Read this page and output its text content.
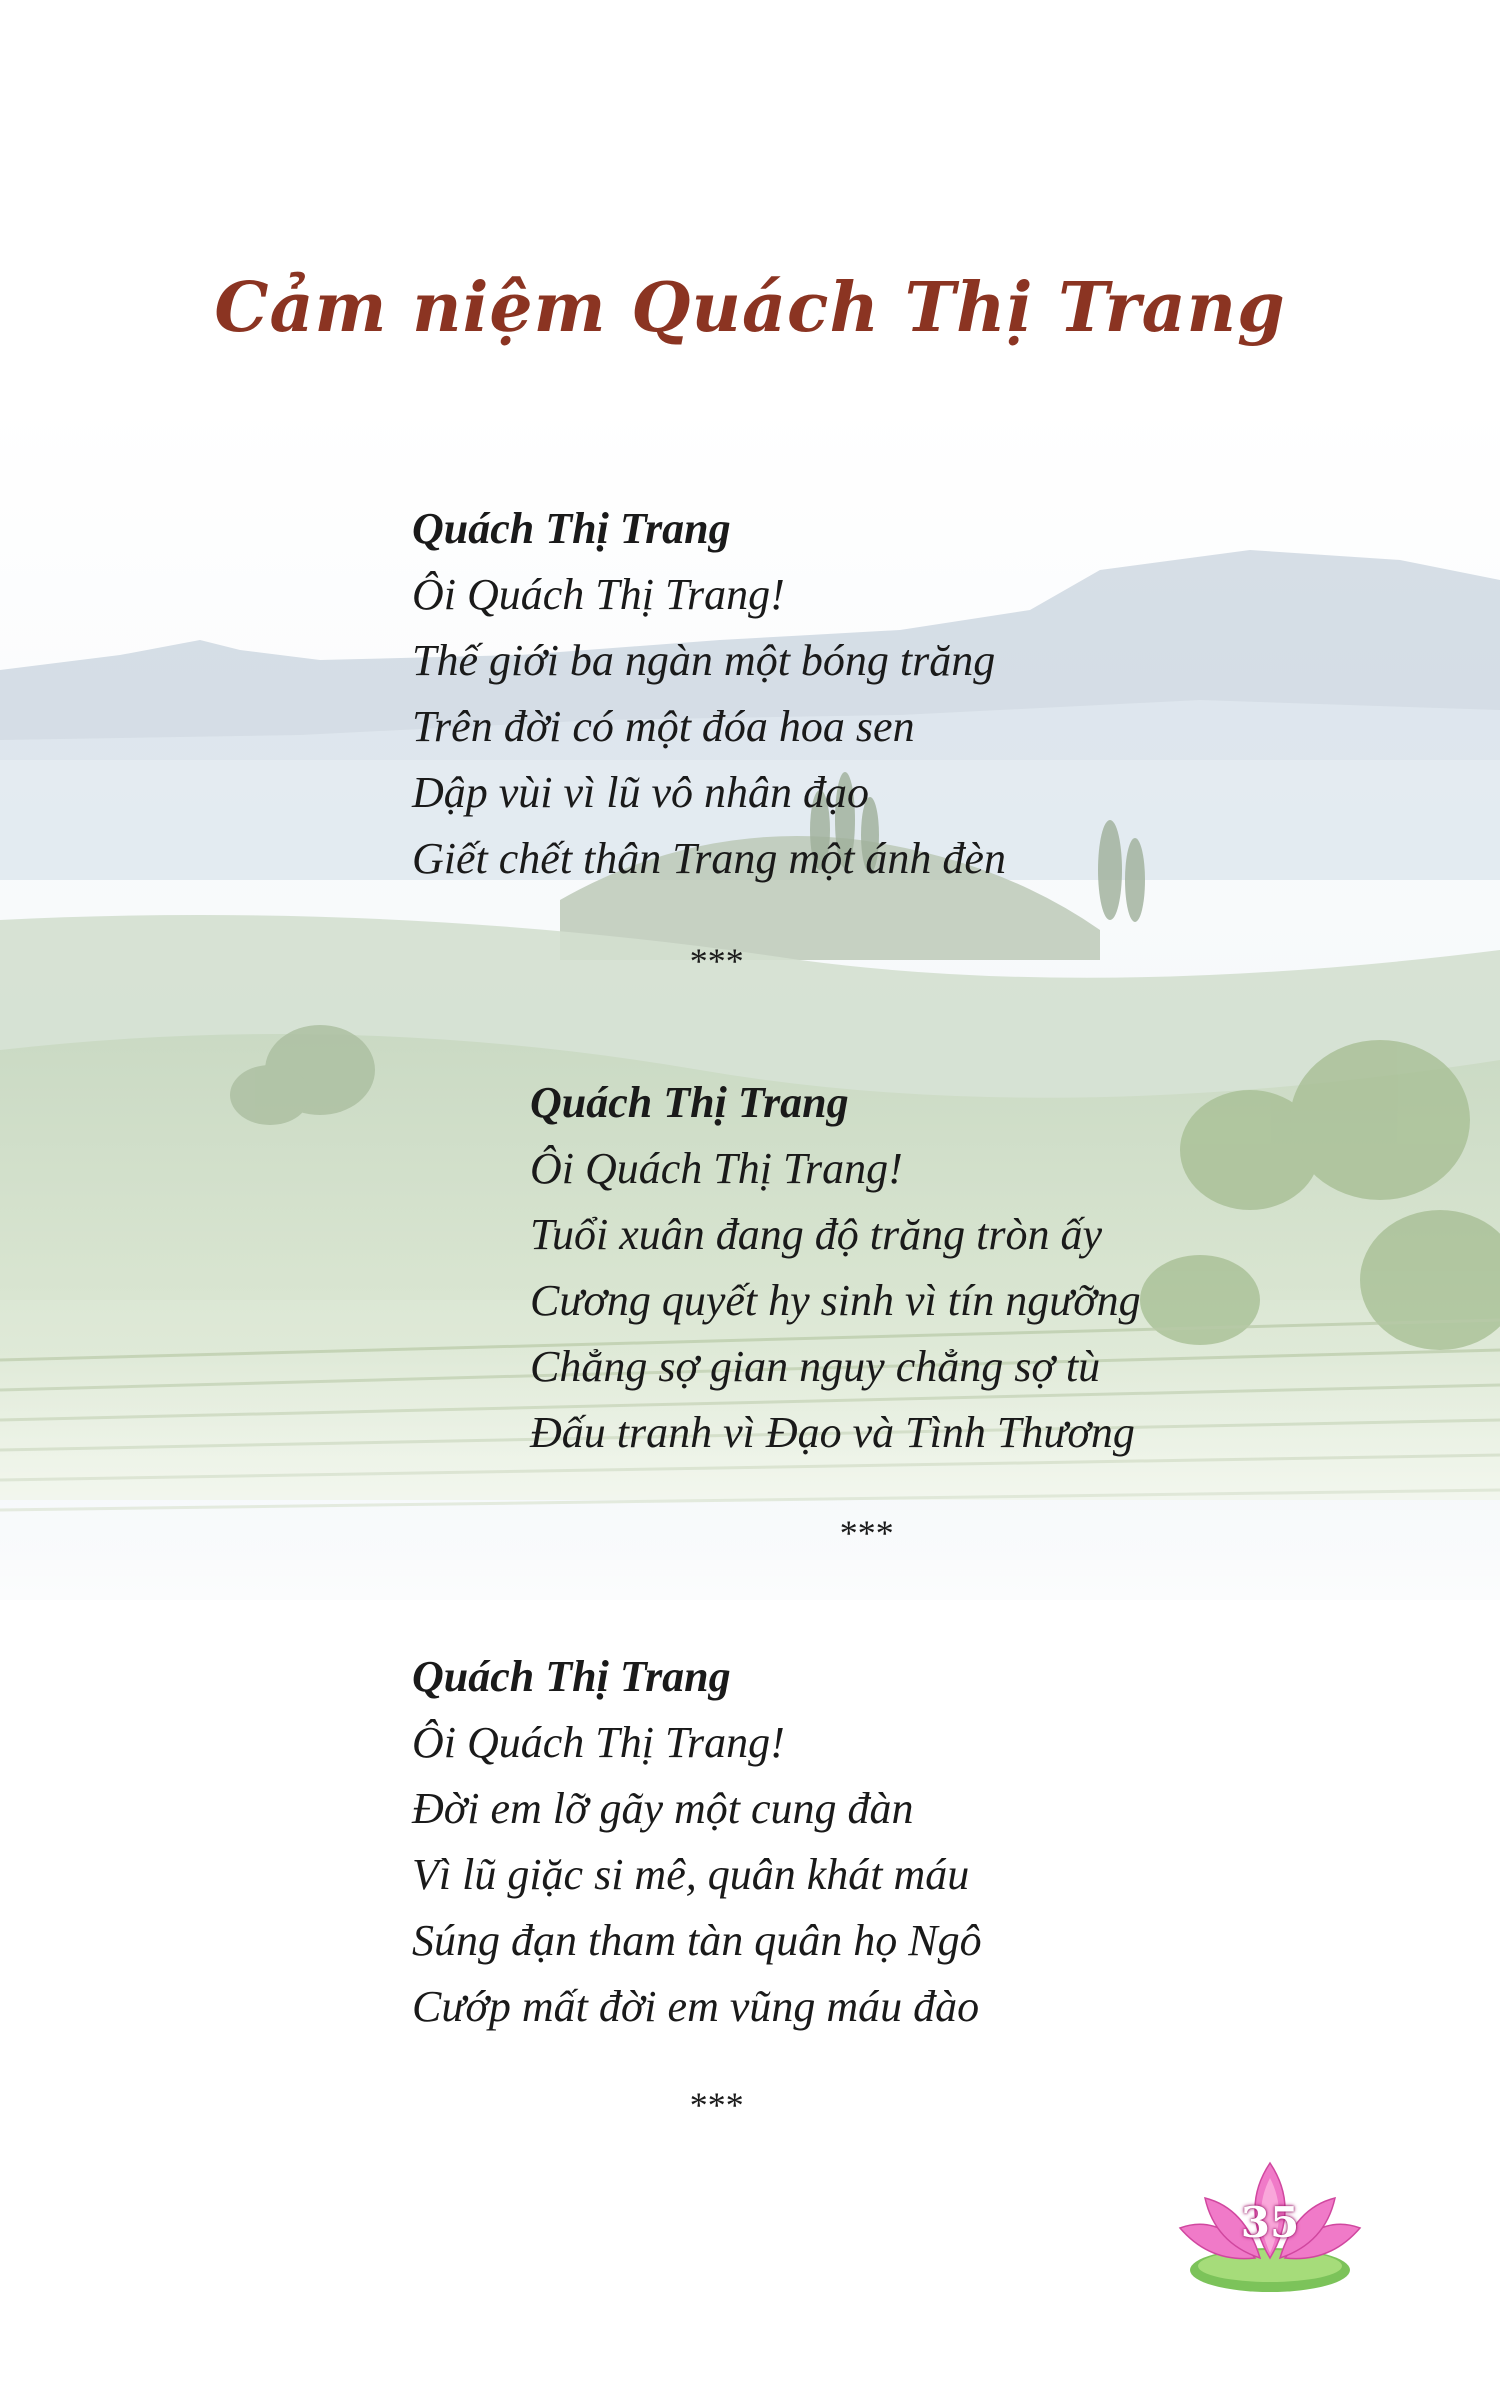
Cảm niệm Quách Thị Trang
Quách Thị Trang
Ôi Quách Thị Trang!
Thế giới ba ngàn một bóng trăng
Trên đời có một đóa hoa sen
Dập vùi vì lũ vô nhân đạo
Giết chết thân Trang một ánh đèn
***
Quách Thị Trang
Ôi Quách Thị Trang!
Tuổi xuân đang độ trăng tròn ấy
Cương quyết hy sinh vì tín ngưỡng
Chẳng sợ gian nguy chẳng sợ tù
Đấu tranh vì Đạo và Tình Thương
***
Quách Thị Trang
Ôi Quách Thị Trang!
Đời em lỡ gãy một cung đàn
Vì lũ giặc si mê, quân khát máu
Súng đạn tham tàn quân họ Ngô
Cướp mất đời em vũng máu đào
***
35
